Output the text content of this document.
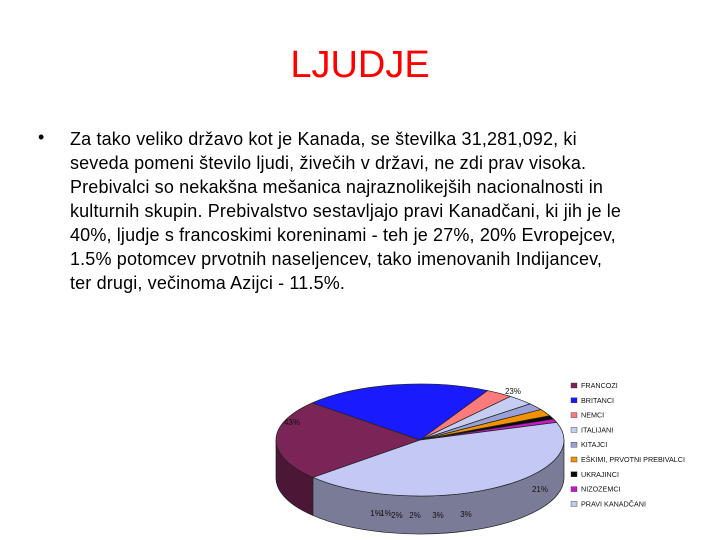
LJUDJE
• Za tako veliko državo kot je Kanada, se številka 31,281,092, ki
seveda pomeni število ljudi, živečih v državi, ne zdi prav visoka.
Prebivalci so nekakšna mešanica najraznolikejših nacionalnosti in
kulturnih skupin. Prebivalstvo sestavljajo pravi Kanadčani, ki jih je le
40%, ljudje s francoskimi koreninami - teh je 27%, 20% Evropejcev,
1.5% potomcev prvotnih naseljencev, tako imenovanih Indijancev,
ter drugi, večinoma Azijci - 11.5%.
23%
21%
3%
3%
2%
2%
1%
1%
43%
FRANCOZI
BRITANCI
NEMCI
ITALIJANI
KITAJCI
EŠKIMI, PRVOTNI PREBIVALCI
UKRAJINCI
NIZOZEMCI
PRAVI KANADČANI
